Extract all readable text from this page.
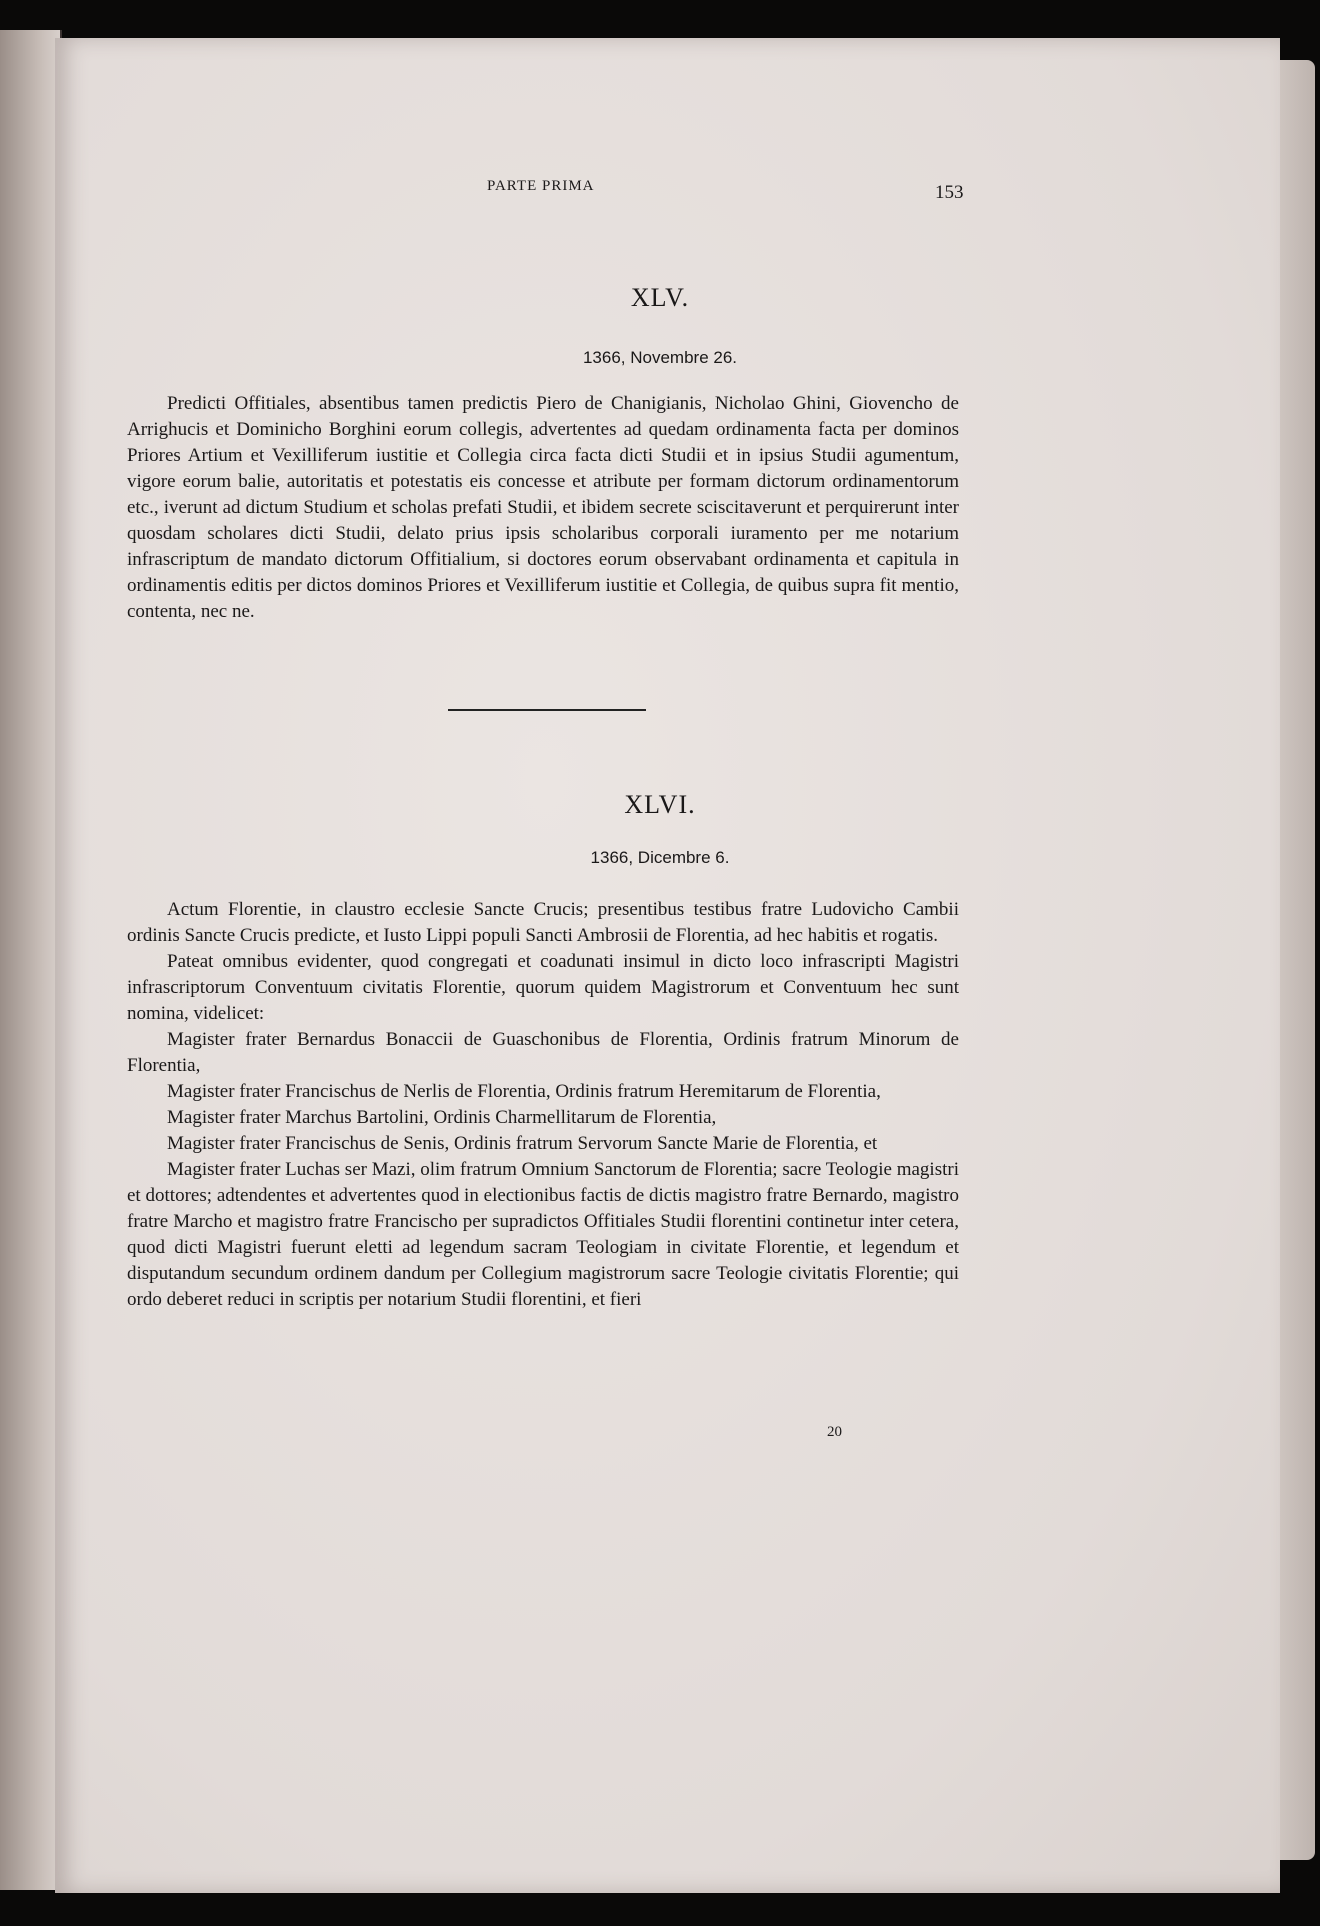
PARTE PRIMA	153
XLV.
1366, Novembre 26.

Predicti Offitiales, absentibus tamen predictis Piero de Chanigianis, Nicholao Ghini, Giovencho de Arrighucis et Dominicho Borghini eorum collegis, advertentes ad quedam ordinamenta facta per dominos Priores Artium et Vexilliferum iustitie et Collegia circa facta dicti Studii et in ipsius Studii agumentum, vigore eorum balie, autoritatis et potestatis eis concesse et atribute per formam dictorum ordinamentorum etc., iverunt ad dictum Studium et scholas prefati Studii, et ibidem secrete sciscitaverunt et perquirerunt inter quosdam scholares dicti Studii, delato prius ipsis scholaribus corporali iuramento per me notarium infrascriptum de mandato dictorum Offitialium, si doctores eorum observabant ordinamenta et capitula in ordinamentis editis per dictos dominos Priores et Vexilliferum iustitie et Collegia, de quibus supra fit mentio, contenta, nec ne.

XLVI.
1366, Dicembre 6.

Actum Florentie, in claustro ecclesie Sancte Crucis; presentibus testibus fratre Ludovicho Cambii ordinis Sancte Crucis predicte, et Iusto Lippi populi Sancti Ambrosii de Florentia, ad hec habitis et rogatis.

Pateat omnibus evidenter, quod congregati et coadunati insimul in dicto loco infrascripti Magistri infrascriptorum Conventuum civitatis Florentie, quorum quidem Magistrorum et Conventuum hec sunt nomina, videlicet:

Magister frater Bernardus Bonaccii de Guaschonibus de Florentia, Ordinis fratrum Minorum de Florentia,

Magister frater Francischus de Nerlis de Florentia, Ordinis fratrum Heremitarum de Florentia,

Magister frater Marchus Bartolini, Ordinis Charmellitarum de Florentia,

Magister frater Francischus de Senis, Ordinis fratrum Servorum Sancte Marie de Florentia, et

Magister frater Luchas ser Mazi, olim fratrum Omnium Sanctorum de Florentia; sacre Teologie magistri et dottores; adtendentes et advertentes quod in electionibus factis de dictis magistro fratre Bernardo, magistro fratre Marcho et magistro fratre Francischo per supradictos Offitiales Studii florentini continetur inter cetera, quod dicti Magistri fuerunt eletti ad legendum sacram Teologiam in civitate Florentie, et legendum et disputandum secundum ordinem dandum per Collegium magistrorum sacre Teologie civitatis Florentie; qui ordo deberet reduci in scriptis per notarium Studii florentini, et fieri

20
